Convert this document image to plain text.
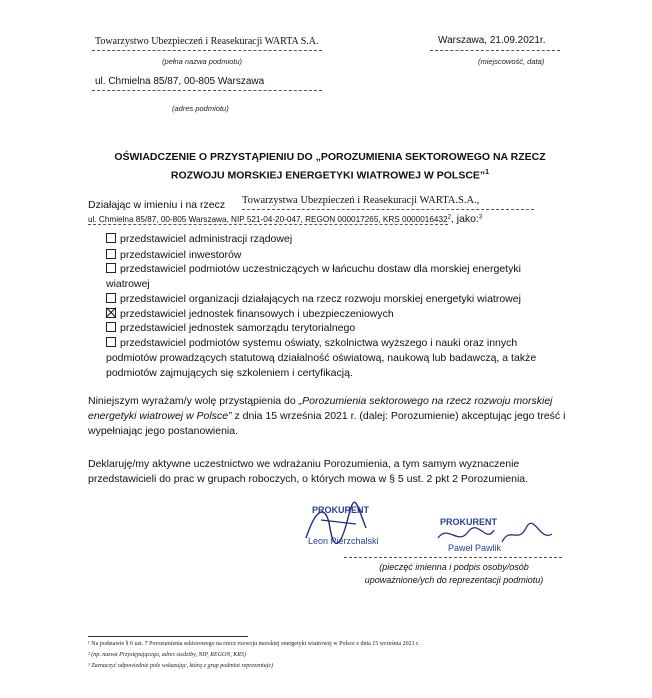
Towarzystwo Ubezpieczeń i Reasekuracji WARTA S.A.
(pełna nazwa podmiotu)
Warszawa, 21.09.2021r.
(miejscowość, data)
ul. Chmielna 85/87, 00-805 Warszawa
(adres podmiotu)
OŚWIADCZENIE O PRZYSTĄPIENIU DO „POROZUMIENIA SEKTOROWEGO NA RZECZ
ROZWOJU MORSKIEJ ENERGETYKI WIATROWEJ W POLSCE”$^1$
Działając w imieniu i na rzecz Towarzystwa Ubezpieczeń i Reasekuracji WARTA.S.A.,
ul. Chmielna 85/87, 00-805 Warszawa, NIP 521-04-20-047, REGON 000017265, KRS 0000016432$^2$, jako:$^3$
przedstawiciel administracji rządowej
przedstawiciel inwestorów
przedstawiciel podmiotów uczestniczących w łańcuchu dostaw dla morskiej energetyki wiatrowej
przedstawiciel organizacji działających na rzecz rozwoju morskiej energetyki wiatrowej
przedstawiciel jednostek finansowych i ubezpieczeniowych
przedstawiciel jednostek samorządu terytorialnego
przedstawiciel podmiotów systemu oświaty, szkolnictwa wyższego i nauki oraz innych podmiotów prowadzących statutową działalność oświatową, naukową lub badawczą, a także podmiotów zajmujących się szkoleniem i certyfikacją.
Niniejszym wyrażam/y wolę przystąpienia do „Porozumienia sektorowego na rzecz rozwoju morskiej energetyki wiatrowej w Polsce” z dnia 15 września 2021 r. (dalej: Porozumienie) akceptując jego treść i wypełniając jego postanowienia.
Deklaruję/my aktywne uczestnictwo we wdrażaniu Porozumienia, a tym samym wyznaczenie przedstawicieli do prac w grupach roboczych, o których mowa w § 5 ust. 2 pkt 2 Porozumienia.
PROKURENT
Leon Pierzchalski
PROKURENT
Paweł Pawlik
(pieczęć imienna i podpis osoby/osób upoważnione/ych do reprezentacji podmiotu)
¹ Na podstawie § 6 ust. 7 Porozumienia sektorowego na rzecz rozwoju morskiej energetyki wiatrowej w Polsce z dnia 15 września 2021 r.
² (np. nazwa Przystępującego, adres siedziby, NIP, REGON, KRS)
³ Zaznaczyć odpowiednie pole wskazując, którą z grup podmiot reprezentuje)
